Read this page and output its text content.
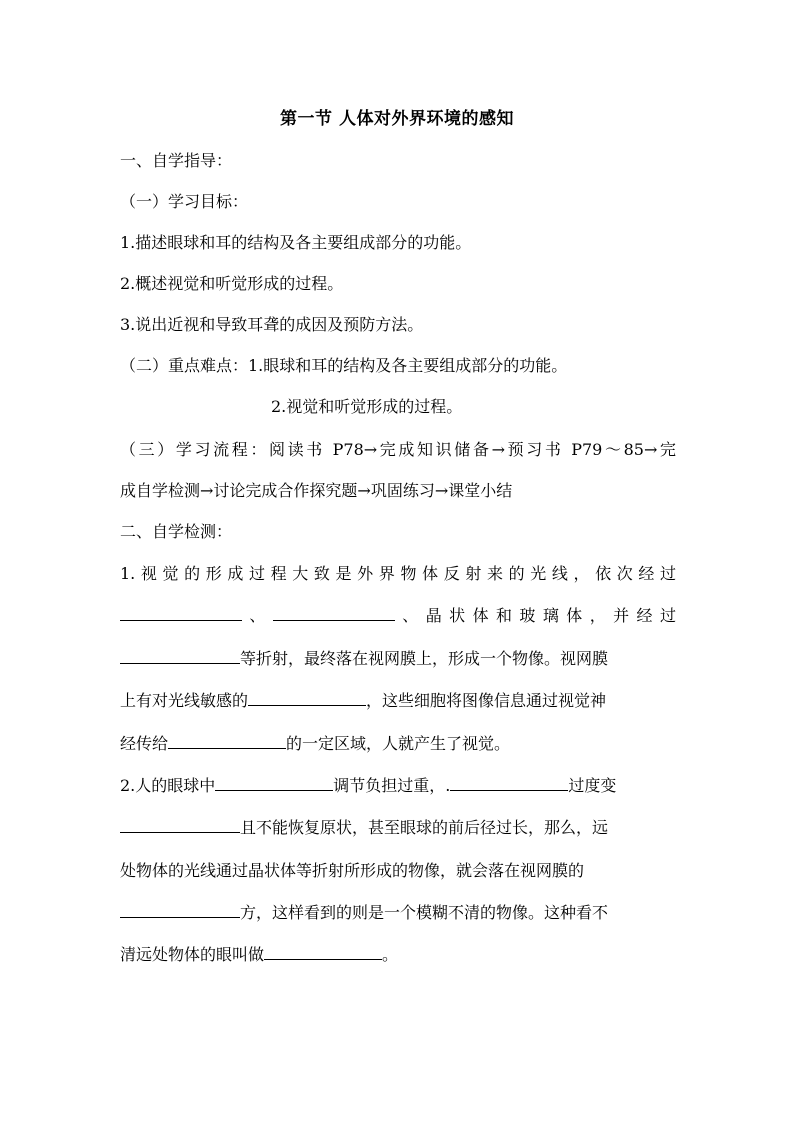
第一节 人体对外界环境的感知
一、自学指导：
（一）学习目标：
1.描述眼球和耳的结构及各主要组成部分的功能。
2.概述视觉和听觉形成的过程。
3.说出近视和导致耳聋的成因及预防方法。
（二）重点难点：1.眼球和耳的结构及各主要组成部分的功能。
2.视觉和听觉形成的过程。
（三）学习流程：阅读书 P78→完成知识储备→预习书 P79～85→完
成自学检测→讨论完成合作探究题→巩固练习→课堂小结
二、自学检测：
1.视觉的形成过程大致是外界物体反射来的光线，依次经过
、	、晶状体和玻璃体，并经过
等折射，最终落在视网膜上，形成一个物像。视网膜
上有对光线敏感的	，这些细胞将图像信息通过视觉神
经传给	的一定区域，人就产生了视觉。
2.人的眼球中	调节负担过重，.	过度变
且不能恢复原状，甚至眼球的前后径过长，那么，远
处物体的光线通过晶状体等折射所形成的物像，就会落在视网膜的
方，这样看到的则是一个模糊不清的物像。这种看不
清远处物体的眼叫做	。
